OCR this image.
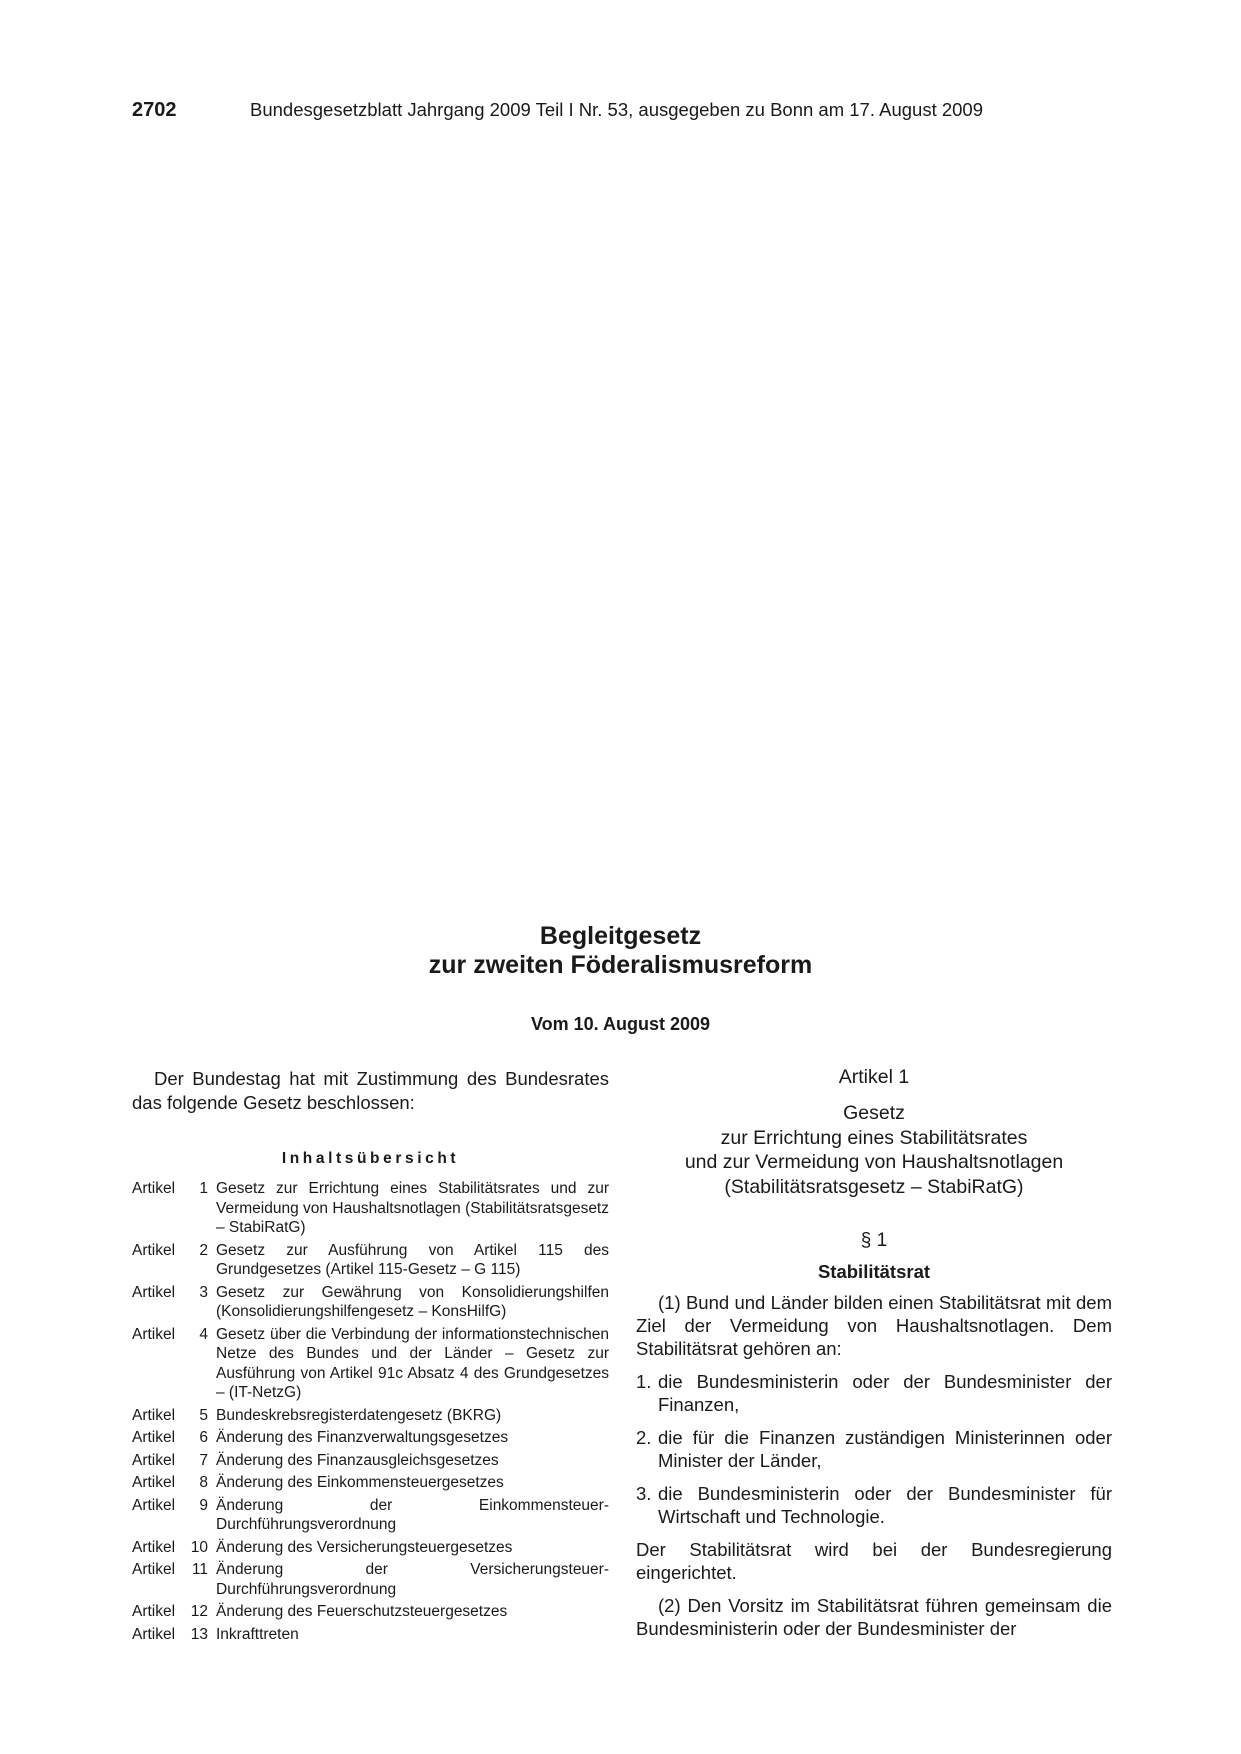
2702	Bundesgesetzblatt Jahrgang 2009 Teil I Nr. 53, ausgegeben zu Bonn am 17. August 2009
Begleitgesetz
zur zweiten Föderalismusreform
Vom 10. August 2009

Der Bundestag hat mit Zustimmung des Bundesrates das folgende Gesetz beschlossen:

Inhaltsübersicht
Artikel	1 Gesetz zur Errichtung eines Stabilitätsrates und zur Vermeidung von Haushaltsnotlagen (Stabilitätsratsgesetz – StabiRatG)
Artikel	2 Gesetz zur Ausführung von Artikel 115 des Grundgesetzes (Artikel 115-Gesetz – G 115)
Artikel	3 Gesetz zur Gewährung von Konsolidierungshilfen (Konsolidierungshilfengesetz – KonsHilfG)
Artikel	4 Gesetz über die Verbindung der informationstechnischen Netze des Bundes und der Länder – Gesetz zur Ausführung von Artikel 91c Absatz 4 des Grundgesetzes – (IT-NetzG)
Artikel	5 Bundeskrebsregisterdatengesetz (BKRG)
Artikel	6 Änderung des Finanzverwaltungsgesetzes
Artikel	7 Änderung des Finanzausgleichsgesetzes
Artikel	8 Änderung des Einkommensteuergesetzes
Artikel	9 Änderung der Einkommensteuer-Durchführungsverordnung
Artikel	10 Änderung des Versicherungsteuergesetzes
Artikel	11 Änderung der Versicherungsteuer-Durchführungsverordnung
Artikel	12 Änderung des Feuerschutzsteuergesetzes
Artikel	13 Inkrafttreten
Artikel 1
Gesetz
zur Errichtung eines Stabilitätsrates
und zur Vermeidung von Haushaltsnotlagen
(Stabilitätsratsgesetz – StabiRatG)
§ 1
Stabilitätsrat

(1) Bund und Länder bilden einen Stabilitätsrat mit dem Ziel der Vermeidung von Haushaltsnotlagen. Dem Stabilitätsrat gehören an:

1. die Bundesministerin oder der Bundesminister der Finanzen,
2. die für die Finanzen zuständigen Ministerinnen oder Minister der Länder,
3. die Bundesministerin oder der Bundesminister für Wirtschaft und Technologie.

Der Stabilitätsrat wird bei der Bundesregierung eingerichtet.

(2) Den Vorsitz im Stabilitätsrat führen gemeinsam die Bundesministerin oder der Bundesminister der
